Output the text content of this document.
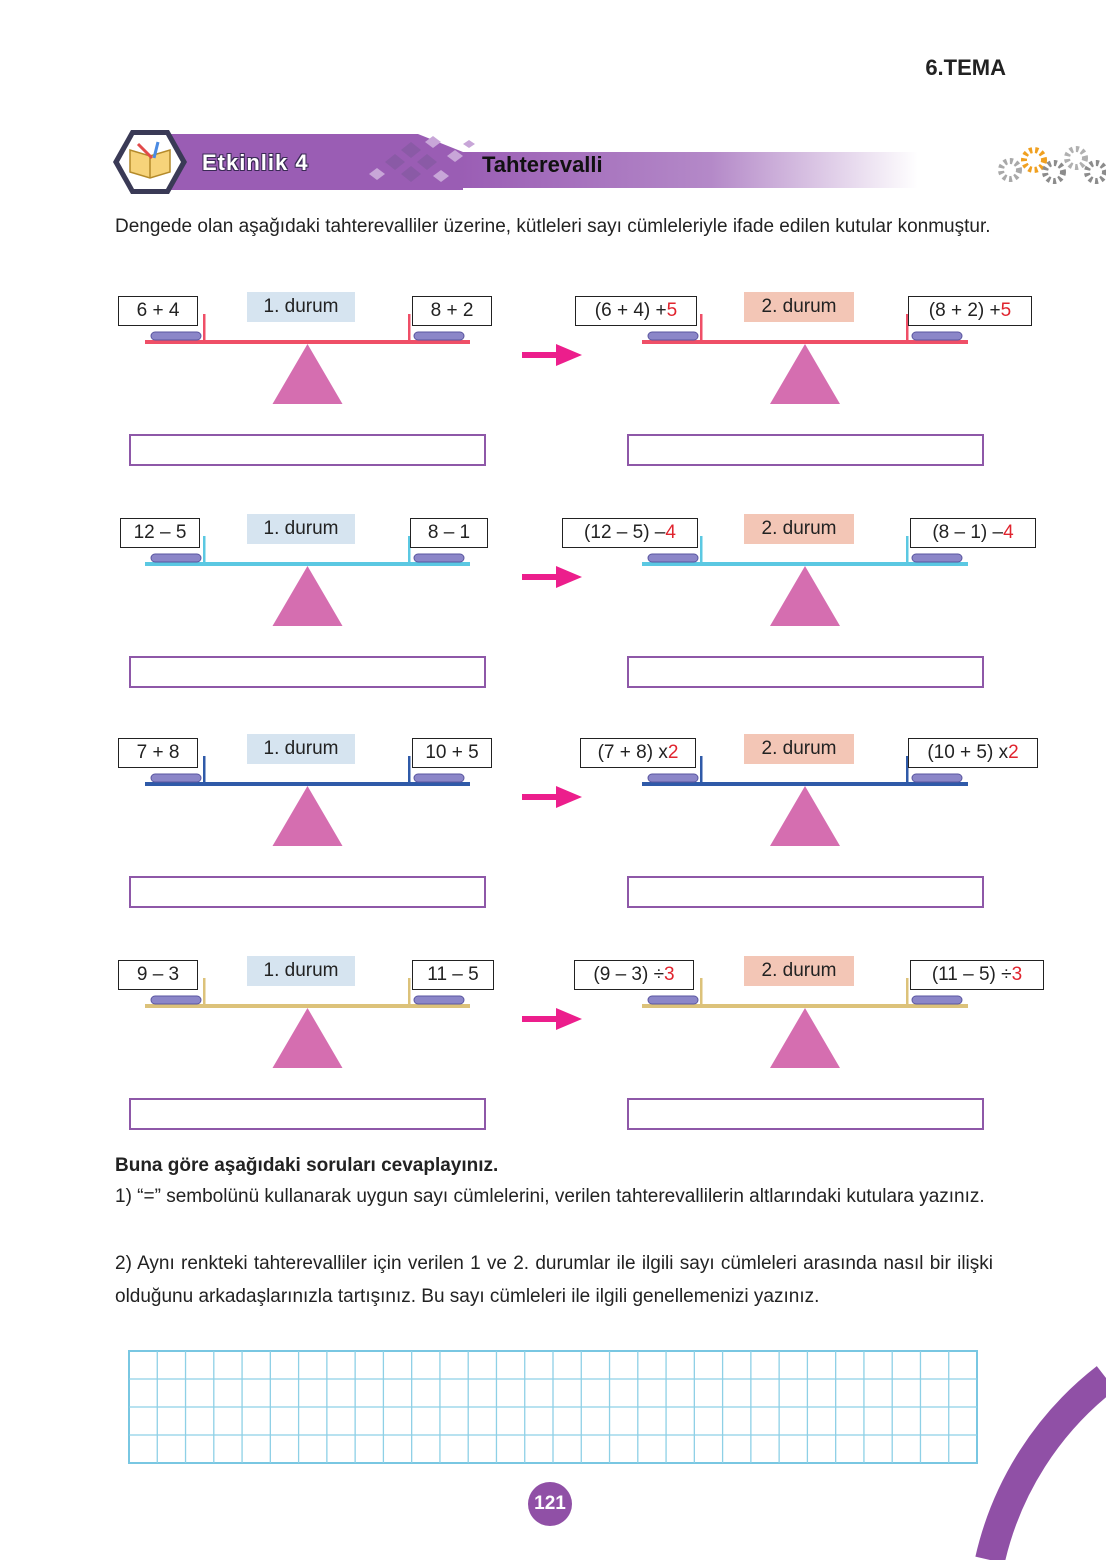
6.TEMA
Etkinlik 4	Tahterevalli
Dengede olan aşağıdaki tahterevalliler üzerine, kütleleri sayı cümleleriyle ifade edilen kutular konmuştur.
6 + 4	8 + 2
1. durum	(6 + 4) + 5	(8 + 2) + 5
2. durum
12 – 5	8 – 1
1. durum	(12 – 5) – 4	(8 – 1) – 4
2. durum
7 + 8	10 + 5
1. durum	(7 + 8) x 2	(10 + 5) x 2
2. durum
9 – 3	11 – 5
1. durum	(9 – 3) ÷ 3	(11 – 5) ÷ 3
2. durum
Buna göre aşağıdaki soruları cevaplayınız.
1) “=” sembolünü kullanarak uygun sayı cümlelerini, verilen tahterevallilerin altlarındaki kutulara yazınız.
2) Aynı renkteki tahterevalliler için verilen 1 ve 2. durumlar ile ilgili sayı cümleleri arasında nasıl bir ilişki olduğunu arkadaşlarınızla tartışınız. Bu sayı cümleleri ile ilgili genellemenizi yazınız.
121
